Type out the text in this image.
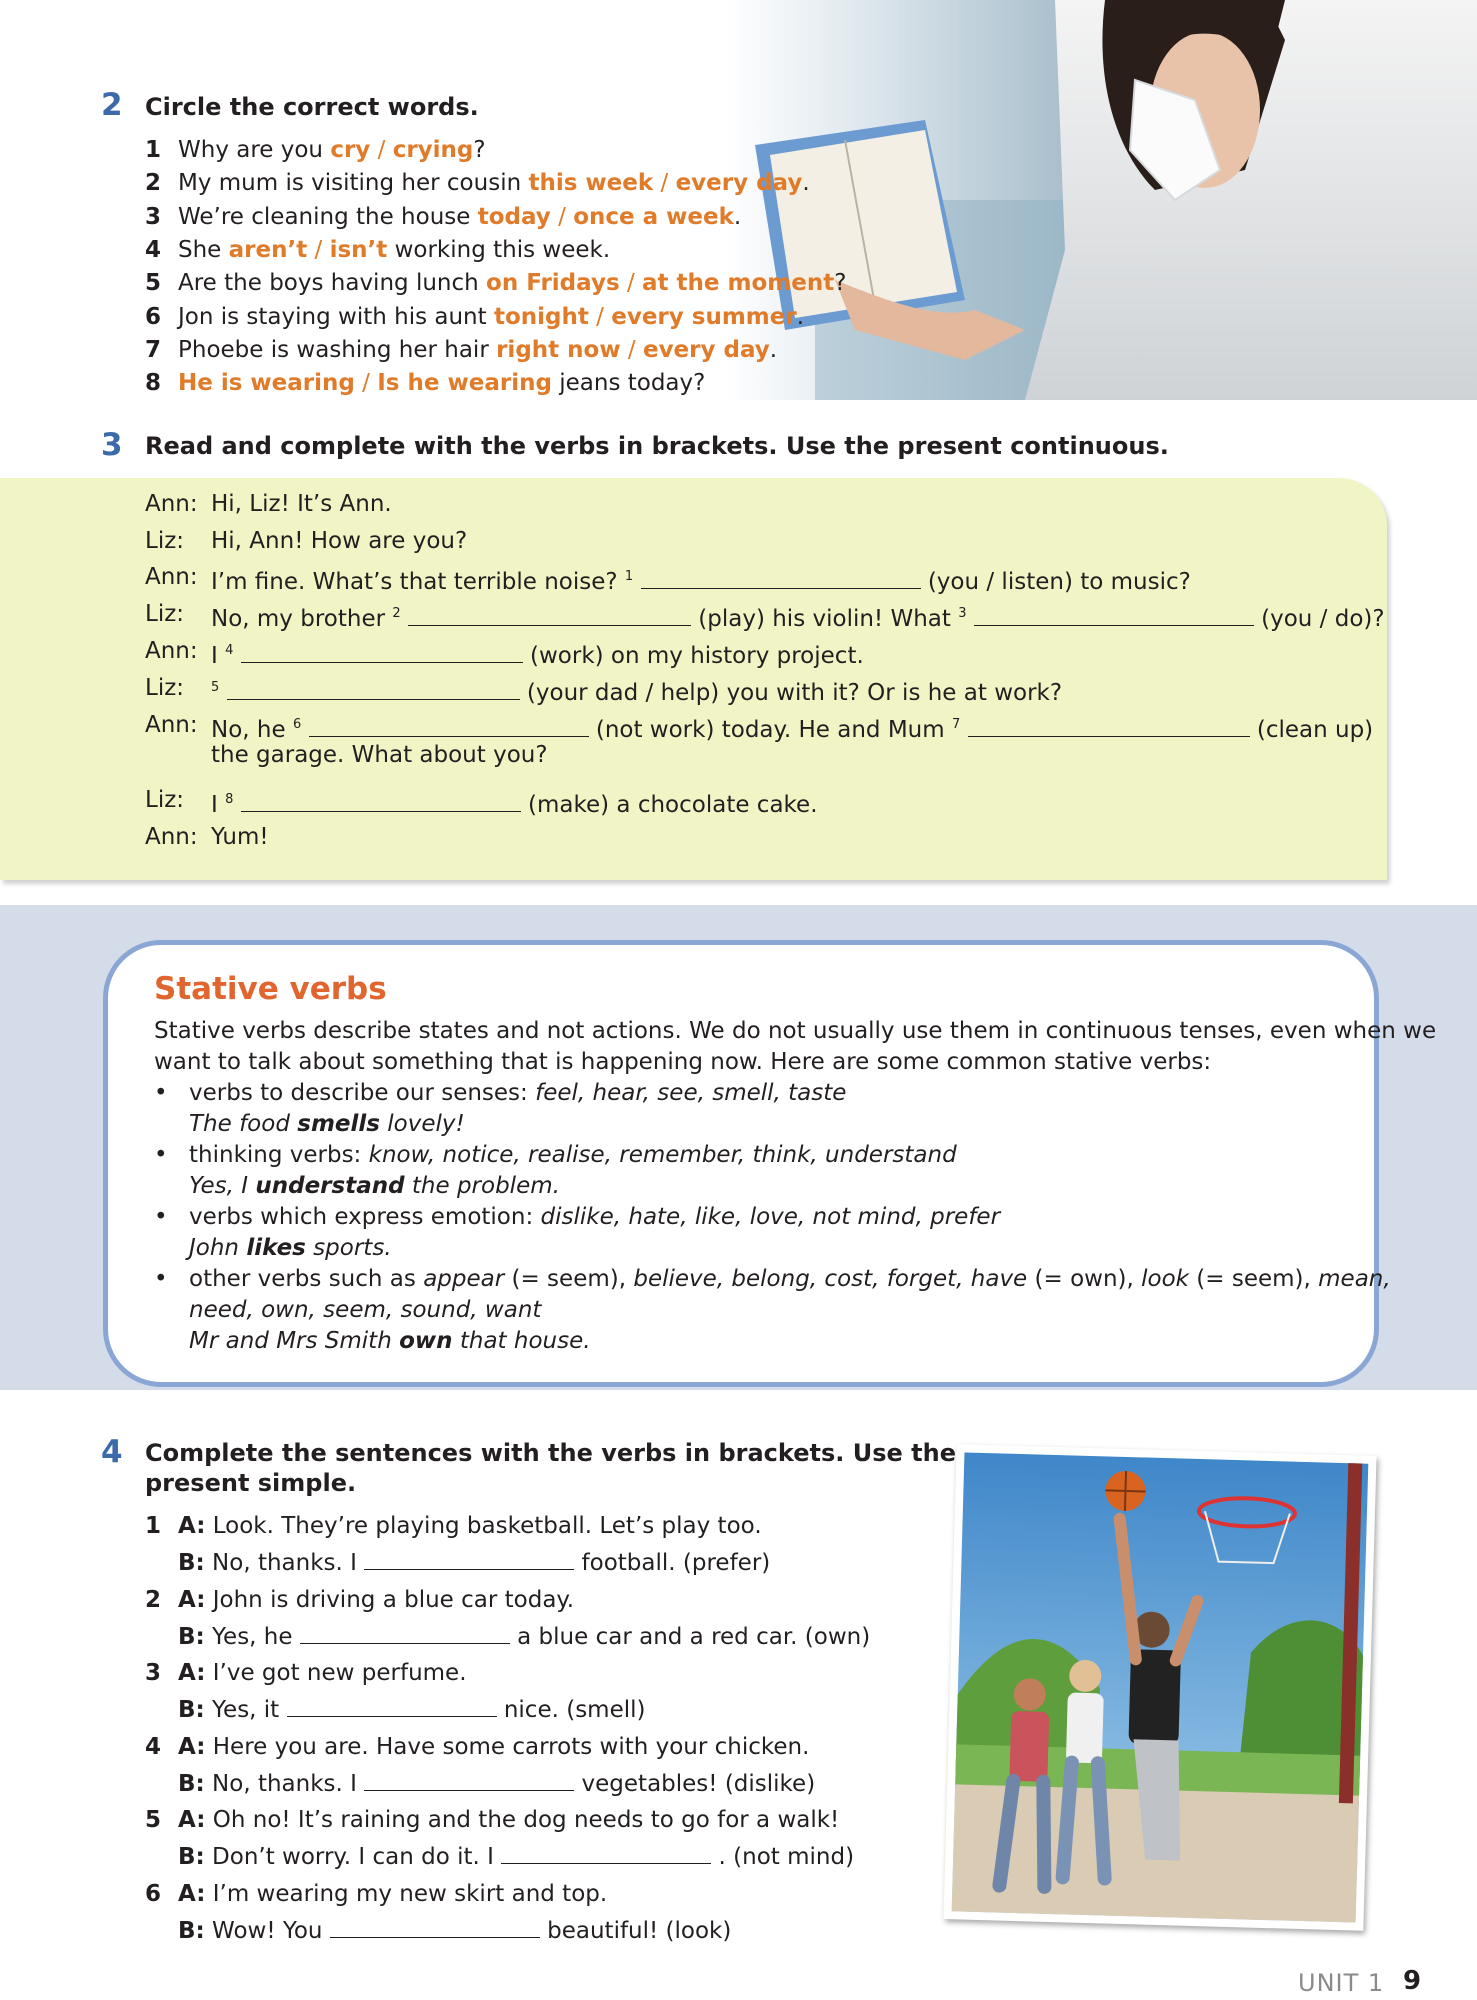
2 Circle the correct words.
1 Why are you cry / crying?
2 My mum is visiting her cousin this week / every day.
3 We’re cleaning the house today / once a week.
4 She aren’t / isn’t working this week.
5 Are the boys having lunch on Fridays / at the moment?
6 Jon is staying with his aunt tonight / every summer.
7 Phoebe is washing her hair right now / every day.
8 He is wearing / Is he wearing jeans today?
3 Read and complete with the verbs in brackets. Use the present continuous.
Ann: Hi, Liz! It’s Ann.
Liz: Hi, Ann! How are you?
Ann: I’m fine. What’s that terrible noise? $^1$	(you / listen) to music?
Liz: No, my brother $^2$	(play) his violin! What $^3$	(you / do)?
Ann: I $^4$	(work) on my history project.
Liz: $^5$	(your dad / help) you with it? Or is he at work?
Ann: No, he $^6$	(not work) today. He and Mum $^7$	(clean up)
the garage. What about you?
Liz: I $^8$	(make) a chocolate cake.
Ann: Yum!
Stative verbs
Stative verbs describe states and not actions. We do not usually use them in continuous tenses, even when we
want to talk about something that is happening now. Here are some common stative verbs:
• verbs to describe our senses: feel, hear, see, smell, taste
The food smells lovely!
• thinking verbs: know, notice, realise, remember, think, understand
Yes, I understand the problem.
• verbs which express emotion: dislike, hate, like, love, not mind, prefer
John likes sports.
• other verbs such as appear (= seem), believe, belong, cost, forget, have (= own), look (= seem), mean,
need, own, seem, sound, want
Mr and Mrs Smith own that house.
4 Complete the sentences with the verbs in brackets. Use the
present simple.
1 A: Look. They’re playing basketball. Let’s play too.
B: No, thanks. I	football. (prefer)
2 A: John is driving a blue car today.
B: Yes, he	a blue car and a red car. (own)
3 A: I’ve got new perfume.
B: Yes, it	nice. (smell)
4 A: Here you are. Have some carrots with your chicken.
B: No, thanks. I	vegetables! (dislike)
5 A: Oh no! It’s raining and the dog needs to go for a walk!
B: Don’t worry. I can do it. I	. (not mind)
6 A: I’m wearing my new skirt and top.
B: Wow! You	beautiful! (look)
UNIT 1 9
